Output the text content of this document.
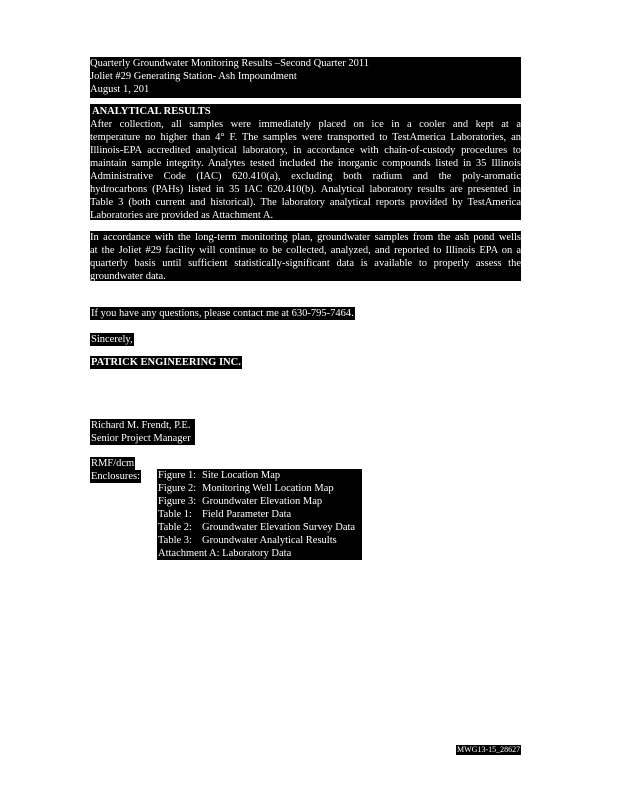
Quarterly Groundwater Monitoring Results –Second Quarter 2011
Joliet #29 Generating Station- Ash Impoundment
August 1, 201
ANALYTICAL RESULTS
After collection, all samples were immediately placed on ice in a cooler and kept at a
temperature no higher than 4° F. The samples were transported to TestAmerica Laboratories, an
Illinois-EPA accredited analytical laboratory, in accordance with chain-of-custody procedures to
maintain sample integrity. Analytes tested included the inorganic compounds listed in 35 Illinois
Administrative Code (IAC) 620.410(a), excluding both radium and the poly-aromatic
hydrocarbons (PAHs) listed in 35 IAC 620.410(b). Analytical laboratory results are presented in
Table 3 (both current and historical). The laboratory analytical reports provided by TestAmerica
Laboratories are provided as Attachment A.
In accordance with the long-term monitoring plan, groundwater samples from the ash pond wells
at the Joliet #29 facility will continue to be collected, analyzed, and reported to Illinois EPA on a
quarterly basis until sufficient statistically-significant data is available to properly assess the
groundwater data.
If you have any questions, please contact me at 630-795-7464.
Sincerely,
PATRICK ENGINEERING INC.
Richard M. Frendt, P.E.
Senior Project Manager
RMF/dcm
Enclosures: Figure 1: Site Location Map
Figure 2: Monitoring Well Location Map
Figure 3: Groundwater Elevation Map
Table 1: Field Parameter Data
Table 2: Groundwater Elevation Survey Data
Table 3: Groundwater Analytical Results
Attachment A: Laboratory Data
MWG13-15_28627
